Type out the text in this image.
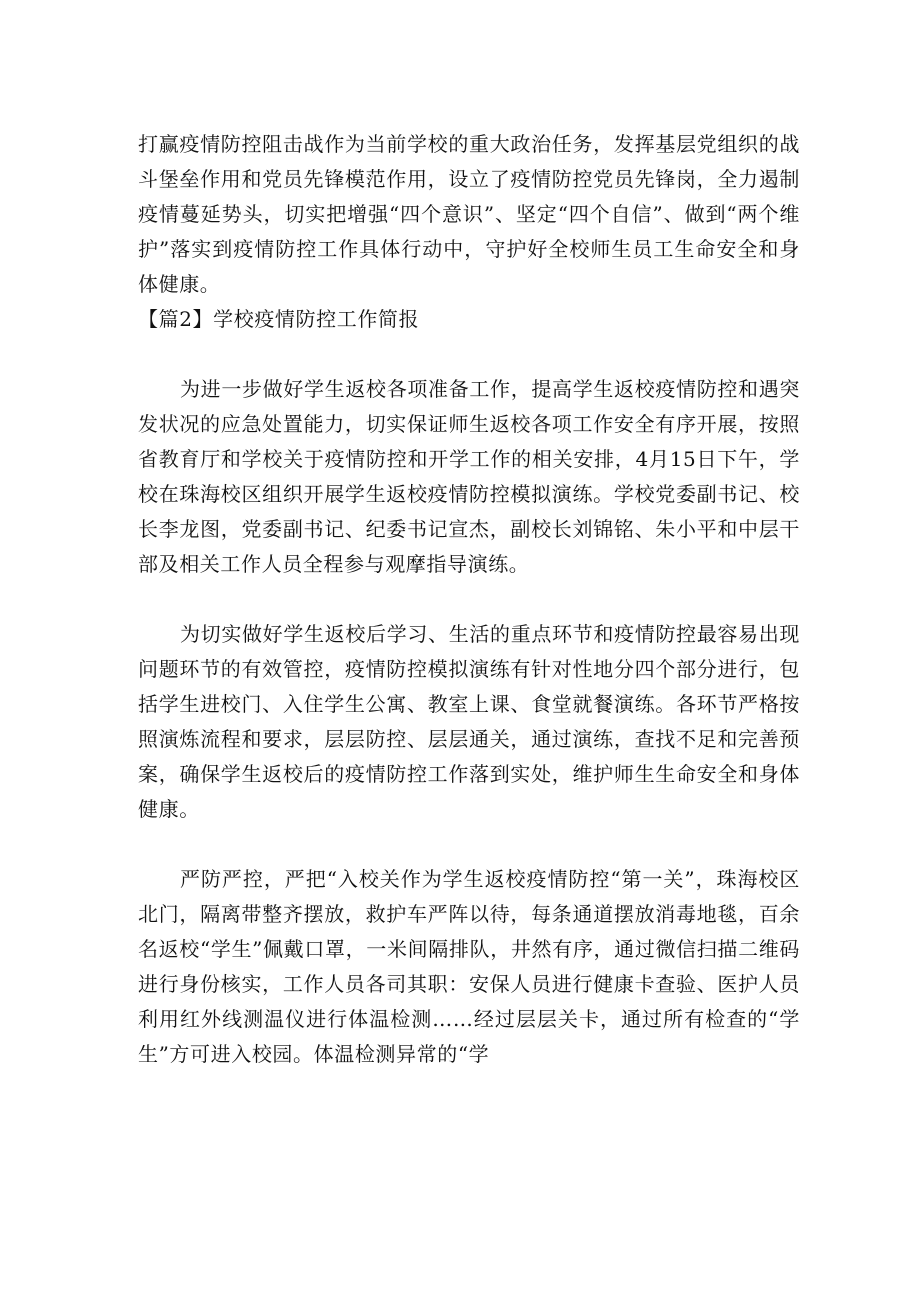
打赢疫情防控阻击战作为当前学校的重大政治任务，发挥基层党组织的战斗堡垒作用和党员先锋模范作用，设立了疫情防控党员先锋岗，全力遏制疫情蔓延势头，切实把增强“四个意识”、坚定“四个自信”、做到“两个维护”落实到疫情防控工作具体行动中，守护好全校师生员工生命安全和身体健康。

【篇2】学校疫情防控工作简报

为进一步做好学生返校各项准备工作，提高学生返校疫情防控和遇突发状况的应急处置能力，切实保证师生返校各项工作安全有序开展，按照省教育厅和学校关于疫情防控和开学工作的相关安排，4月15日下午，学校在珠海校区组织开展学生返校疫情防控模拟演练。学校党委副书记、校长李龙图，党委副书记、纪委书记宣杰，副校长刘锦铭、朱小平和中层干部及相关工作人员全程参与观摩指导演练。

为切实做好学生返校后学习、生活的重点环节和疫情防控最容易出现问题环节的有效管控，疫情防控模拟演练有针对性地分四个部分进行，包括学生进校门、入住学生公寓、教室上课、食堂就餐演练。各环节严格按照演炼流程和要求，层层防控、层层通关，通过演练，查找不足和完善预案，确保学生返校后的疫情防控工作落到实处，维护师生生命安全和身体健康。

严防严控，严把“入校关作为学生返校疫情防控“第一关”，珠海校区北门，隔离带整齐摆放，救护车严阵以待，每条通道摆放消毒地毯，百余名返校“学生”佩戴口罩，一米间隔排队，井然有序，通过微信扫描二维码进行身份核实，工作人员各司其职：安保人员进行健康卡查验、医护人员利用红外线测温仪进行体温检测……经过层层关卡，通过所有检查的“学生”方可进入校园。体温检测异常的“学
